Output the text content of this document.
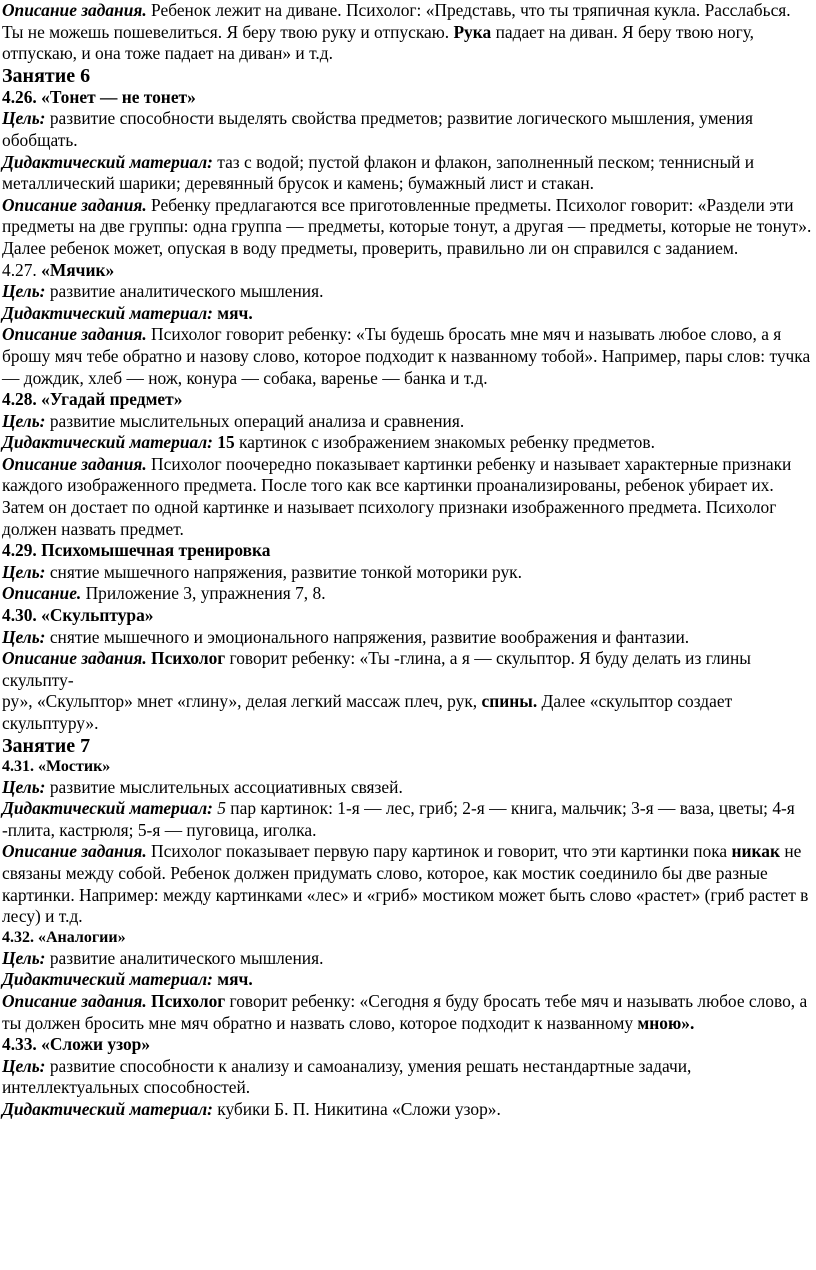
Описание задания. Ребенок лежит на диване. Психолог: «Представь, что ты тряпичная кукла. Расслабься. Ты не можешь пошевелиться. Я беру твою руку и отпускаю. Рука падает на диван. Я беру твою ногу, отпускаю, и она тоже падает на диван» и т.д.

Занятие 6

4.26. «Тонет — не тонет»

Цель: развитие способности выделять свойства предметов; развитие логического мышления, умения обобщать.

Дидактический материал: таз с водой; пустой флакон и флакон, заполненный песком; теннисный и металлический шарики; деревянный брусок и камень; бумажный лист и стакан.

Описание задания. Ребенку предлагаются все приготовленные предметы. Психолог говорит: «Раздели эти предметы на две группы: одна группа — предметы, которые тонут, а другая — предметы, которые не тонут». Далее ребенок может, опуская в воду предметы, проверить, правильно ли он справился с заданием.

4.27. «Мячик»

Цель: развитие аналитического мышления.

Дидактический материал: мяч.

Описание задания. Психолог говорит ребенку: «Ты будешь бросать мне мяч и называть любое слово, а я брошу мяч тебе обратно и назову слово, которое подходит к названному тобой». Например, пары слов: тучка — дождик, хлеб — нож, конура — собака, варенье — банка и т.д.

4.28. «Угадай предмет»

Цель: развитие мыслительных операций анализа и сравнения.

Дидактический материал: 15 картинок с изображением знакомых ребенку предметов.

Описание задания. Психолог поочередно показывает картинки ребенку и называет характерные признаки каждого изображенного предмета. После того как все картинки проанализированы, ребенок убирает их. Затем он достает по одной картинке и называет психологу признаки изображенного предмета. Психолог должен назвать предмет.

4.29. Психомышечная тренировка

Цель: снятие мышечного напряжения, развитие тонкой моторики рук.

Описание. Приложение 3, упражнения 7, 8.

4.30. «Скульптура»

Цель: снятие мышечного и эмоционального напряжения, развитие воображения и фантазии.

Описание задания. Психолог говорит ребенку: «Ты -глина, а я — скульптор. Я буду делать из глины скульпту-

ру», «Скульптор» мнет «глину», делая легкий массаж плеч, рук, спины. Далее «скульптор создает скульптуру».

Занятие 7

4.31. «Мостик»

Цель: развитие мыслительных ассоциативных связей.

Дидактический материал: 5 пар картинок: 1-я — лес, гриб; 2-я — книга, мальчик; 3-я — ваза, цветы; 4-я -плита, кастрюля; 5-я — пуговица, иголка.

Описание задания. Психолог показывает первую пару картинок и говорит, что эти картинки пока никак не связаны между собой. Ребенок должен придумать слово, которое, как мостик соединило бы две разные картинки. Например: между картинками «лес» и «гриб» мостиком может быть слово «растет» (гриб растет в лесу) и т.д.

4.32. «Аналогии»

Цель: развитие аналитического мышления.

Дидактический материал: мяч.

Описание задания. Психолог говорит ребенку: «Сегодня я буду бросать тебе мяч и называть любое слово, а ты должен бросить мне мяч обратно и назвать слово, которое подходит к названному мною».

4.33. «Сложи узор»

Цель: развитие способности к анализу и самоанализу, умения решать нестандартные задачи, интеллектуальных способностей.

Дидактический материал: кубики Б. П. Никитина «Сложи узор».
